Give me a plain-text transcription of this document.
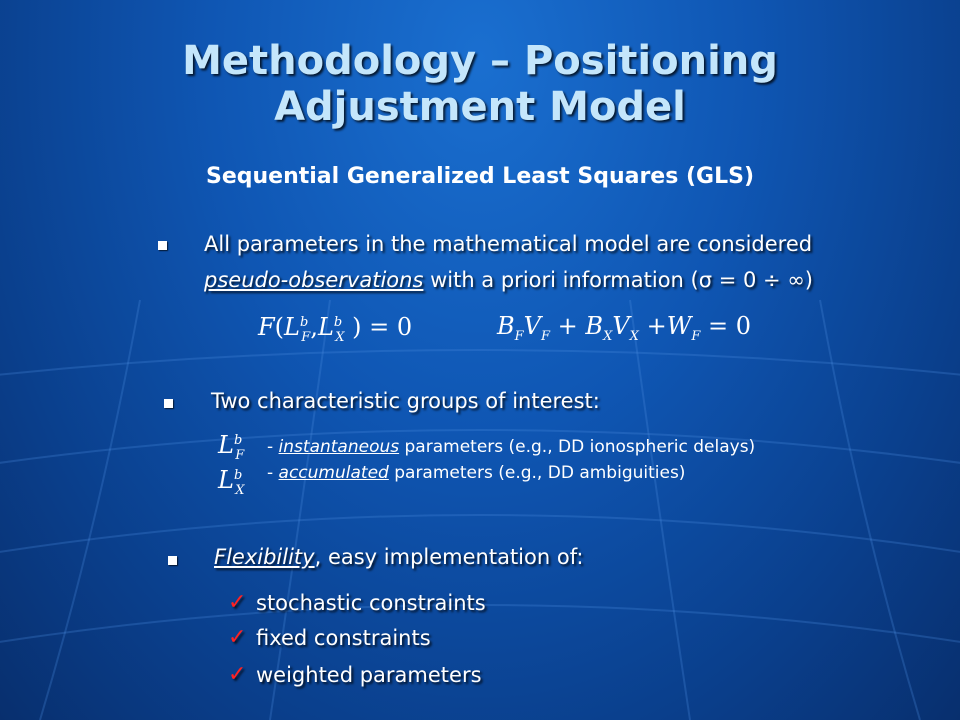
Methodology – Positioning
Adjustment Model
Sequential Generalized Least Squares (GLS)
All parameters in the mathematical model are considered
pseudo-observations with a priori information (σ = 0 ÷ ∞)
$F(L^b_F,L^b_X$ ) = 0	$B_FV_F + B_XV_X +W_F = 0$
Two characteristic groups of interest:
$L^b_F$
$L^b_X$
- instantaneous parameters (e.g., DD ionospheric delays)
- accumulated parameters (e.g., DD ambiguities)
Flexibility, easy implementation of:
✓ stochastic constraints
✓ fixed constraints
✓ weighted parameters
